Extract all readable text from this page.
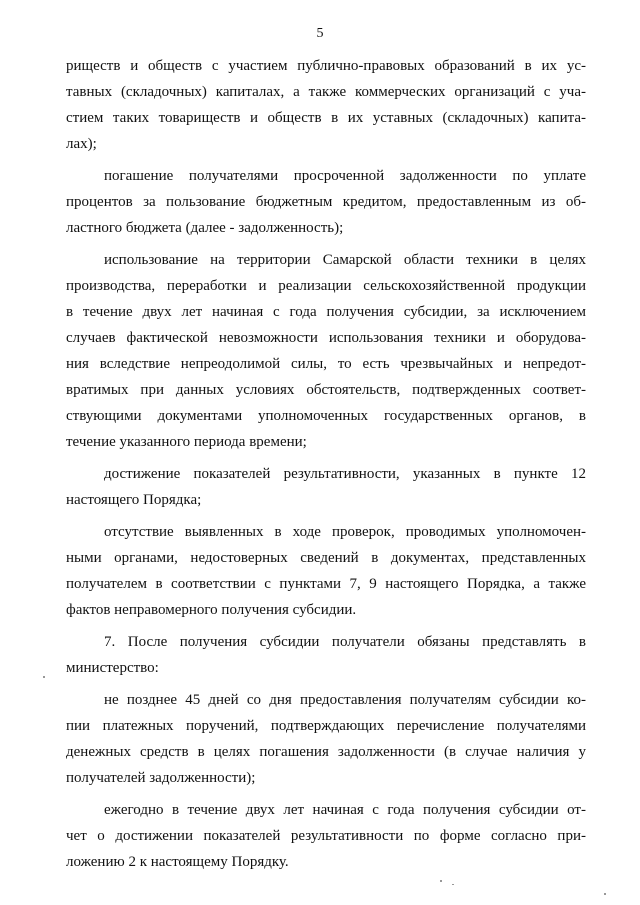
5
риществ и обществ с участием публично-правовых образований в их ус-
тавных (складочных) капиталах, а также коммерческих организаций с уча-
стием таких товариществ и обществ в их уставных (складочных) капита-
лах);
погашение получателями просроченной задолженности по уплате
процентов за пользование бюджетным кредитом, предоставленным из об-
ластного бюджета (далее - задолженность);
использование на территории Самарской области техники в целях
производства, переработки и реализации сельскохозяйственной продукции
в течение двух лет начиная с года получения субсидии, за исключением
случаев фактической невозможности использования техники и оборудова-
ния вследствие непреодолимой силы, то есть чрезвычайных и непредот-
вратимых при данных условиях обстоятельств, подтвержденных соответ-
ствующими документами уполномоченных государственных органов, в
течение указанного периода времени;
достижение показателей результативности, указанных в пункте 12
настоящего Порядка;
отсутствие выявленных в ходе проверок, проводимых уполномочен-
ными органами, недостоверных сведений в документах, представленных
получателем в соответствии с пунктами 7, 9 настоящего Порядка, а также
фактов неправомерного получения субсидии.
7. После получения субсидии получатели обязаны представлять в
министерство:
не позднее 45 дней со дня предоставления получателям субсидии ко-
пии платежных поручений, подтверждающих перечисление получателями
денежных средств в целях погашения задолженности (в случае наличия у
получателей задолженности);
ежегодно в течение двух лет начиная с года получения субсидии от-
чет о достижении показателей результативности по форме согласно при-
ложению 2 к настоящему Порядку.
